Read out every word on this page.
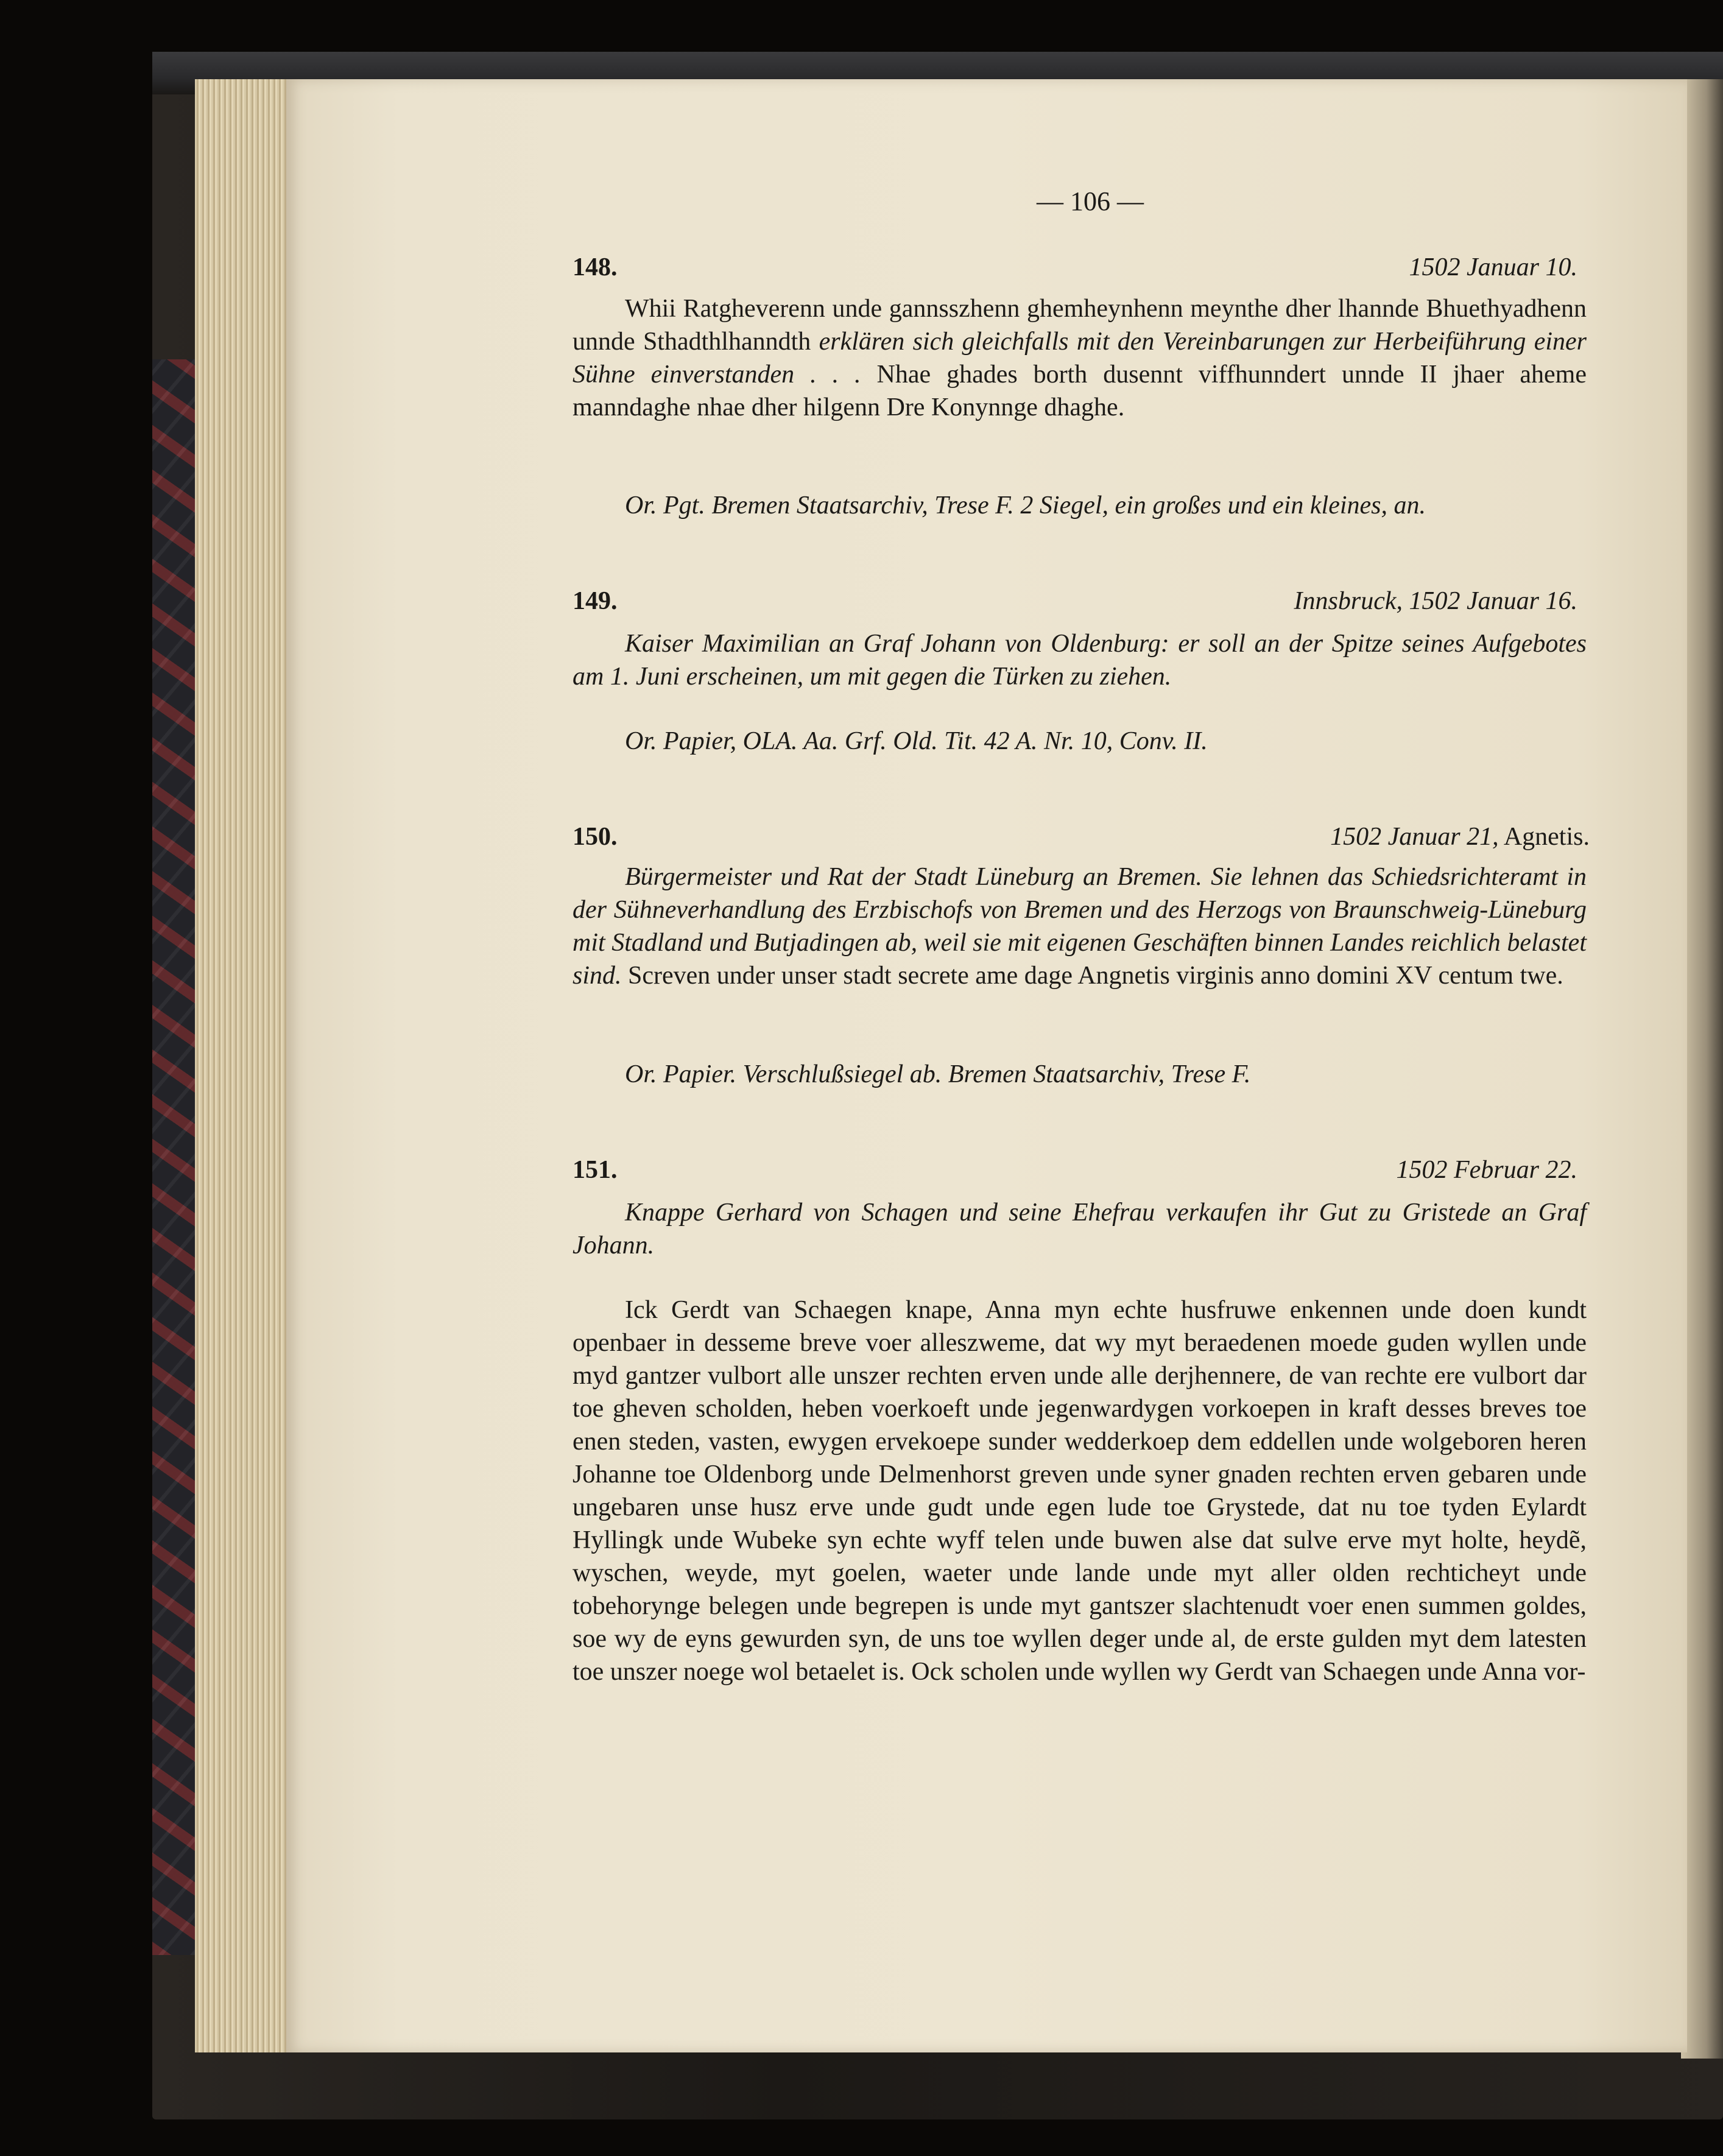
— 106 —
148.	1502 Januar 10.
Whii Ratgheverenn unde gannsszhenn ghemheynhenn meynthe dher lhannde Bhuethyadhenn unnde Sthadthlhanndth erklären sich gleichfalls mit den Vereinbarungen zur Herbeiführung einer Sühne einverstanden . . . Nhae ghades borth dusennt viffhunndert unnde II jhaer aheme manndaghe nhae dher hilgenn Dre Konynnge dhaghe.
Or. Pgt. Bremen Staatsarchiv, Trese F. 2 Siegel, ein großes und ein kleines, an.
149.	Innsbruck, 1502 Januar 16.
Kaiser Maximilian an Graf Johann von Oldenburg: er soll an der Spitze seines Aufgebotes am 1. Juni erscheinen, um mit gegen die Türken zu ziehen.
Or. Papier, OLA. Aa. Grf. Old. Tit. 42 A. Nr. 10, Conv. II.
150.	1502 Januar 21, Agnetis.
Bürgermeister und Rat der Stadt Lüneburg an Bremen. Sie lehnen das Schiedsrichteramt in der Sühneverhandlung des Erzbischofs von Bremen und des Herzogs von Braunschweig-Lüneburg mit Stadland und Butjadingen ab, weil sie mit eigenen Geschäften binnen Landes reichlich belastet sind. Screven under unser stadt secrete ame dage Angnetis virginis anno domini XV centum twe.
Or. Papier. Verschlußsiegel ab. Bremen Staatsarchiv, Trese F.
151.	1502 Februar 22.
Knappe Gerhard von Schagen und seine Ehefrau verkaufen ihr Gut zu Gristede an Graf Johann.
Ick Gerdt van Schaegen knape, Anna myn echte husfruwe enkennen unde doen kundt openbaer in desseme breve voer alleszweme, dat wy myt beraedenen moede guden wyllen unde myd gantzer vulbort alle unszer rechten erven unde alle derjhennere, de van rechte ere vulbort dar toe gheven scholden, heben voerkoeft unde jegenwardygen vorkoepen in kraft desses breves toe enen steden, vasten, ewygen ervekoepe sunder wedderkoep dem eddellen unde wolgeboren heren Johanne toe Oldenborg unde Delmenhorst greven unde syner gnaden rechten erven gebaren unde ungebaren unse husz erve unde gudt unde egen lude toe Grystede, dat nu toe tyden Eylardt Hyllingk unde Wubeke syn echte wyff telen unde buwen alse dat sulve erve myt holte, heydẽ, wyschen, weyde, myt goelen, waeter unde lande unde myt aller olden rechticheyt unde tobehorynge belegen unde begrepen is unde myt gantszer slachtenudt voer enen summen goldes, soe wy de eyns gewurden syn, de uns toe wyllen deger unde al, de erste gulden myt dem latesten toe unszer noege wol betaelet is. Ock scholen unde wyllen wy Gerdt van Schaegen unde Anna vor-
